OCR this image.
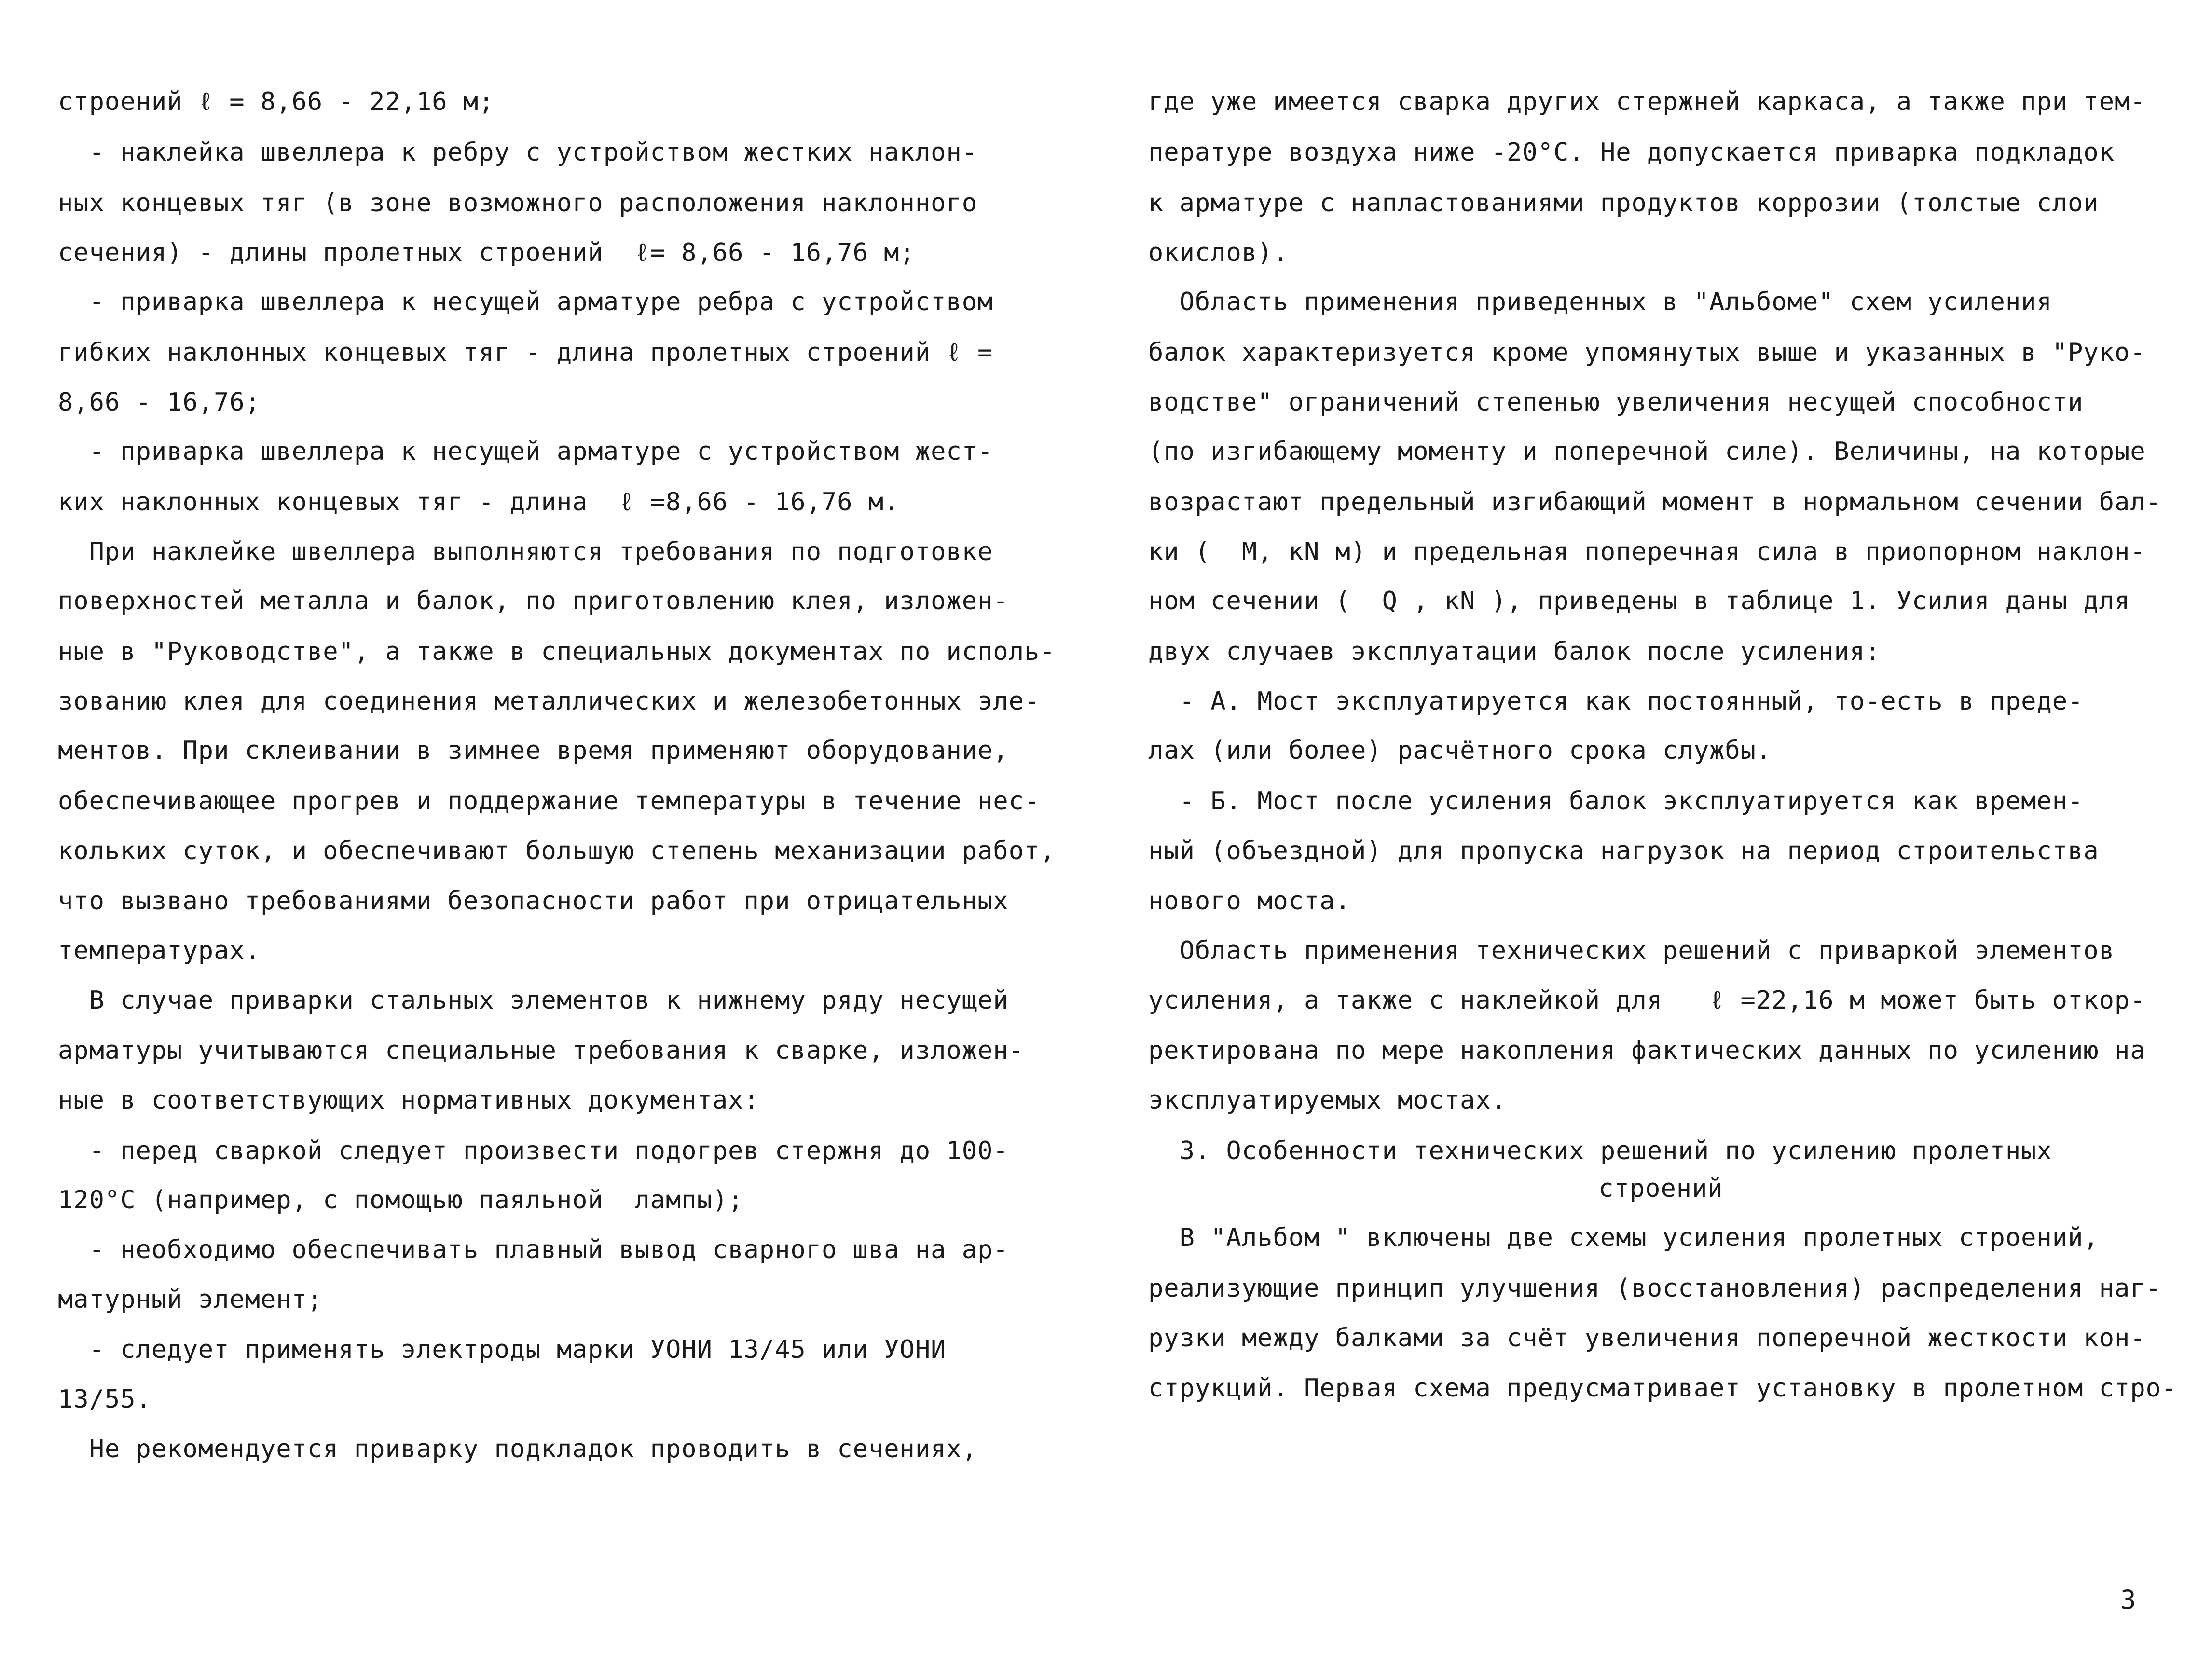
строений ℓ = 8,66 - 22,16 м;
- наклейка швеллера к ребру с устройством жестких наклон-
ных концевых тяг (в зоне возможного расположения наклонного
сечения) - длины пролетных строений  ℓ= 8,66 - 16,76 м;
- приварка швеллера к несущей арматуре ребра с устройством
гибких наклонных концевых тяг - длина пролетных строений ℓ =
8,66 - 16,76;
- приварка швеллера к несущей арматуре с устройством жест-
ких наклонных концевых тяг - длина  ℓ =8,66 - 16,76 м.
При наклейке швеллера выполняются требования по подготовке
поверхностей металла и балок, по приготовлению клея, изложен-
ные в "Руководстве", а также в специальных документах по исполь-
зованию клея для соединения металлических и железобетонных эле-
ментов. При склеивании в зимнее время применяют оборудование,
обеспечивающее прогрев и поддержание температуры в течение нес-
кольких суток, и обеспечивают большую степень механизации работ,
что вызвано требованиями безопасности работ при отрицательных
температурах.
В случае приварки стальных элементов к нижнему ряду несущей
арматуры учитываются специальные требования к сварке, изложен-
ные в соответствующих нормативных документах:
- перед сваркой следует произвести подогрев стержня до 100-
120°С (например, с помощью паяльной  лампы);
- необходимо обеспечивать плавный вывод сварного шва на ар-
матурный элемент;
- следует применять электроды марки УОНИ 13/45 или УОНИ
13/55.
Не рекомендуется приварку подкладок проводить в сечениях,
где уже имеется сварка других стержней каркаса, а также при тем-
пературе воздуха ниже -20°С. Не допускается приварка подкладок
к арматуре с напластованиями продуктов коррозии (толстые слои
окислов).
Область применения приведенных в "Альбоме" схем усиления
балок характеризуется кроме упомянутых выше и указанных в "Руко-
водстве" ограничений степенью увеличения несущей способности
(по изгибающему моменту и поперечной силе). Величины, на которые
возрастают предельный изгибающий момент в нормальном сечении бал-
ки (  M, кN м) и предельная поперечная сила в приопорном наклон-
ном сечении (  Q , кN ), приведены в таблице 1. Усилия даны для
двух случаев эксплуатации балок после усиления:
- А. Мост эксплуатируется как постоянный, то-есть в преде-
лах (или более) расчётного срока службы.
- Б. Мост после усиления балок эксплуатируется как времен-
ный (объездной) для пропуска нагрузок на период строительства
нового моста.
Область применения технических решений с приваркой элементов
усиления, а также с наклейкой для   ℓ =22,16 м может быть откор-
ректирована по мере накопления фактических данных по усилению на
эксплуатируемых мостах.
3. Особенности технических решений по усилению пролетных
строений
В "Альбом " включены две схемы усиления пролетных строений,
реализующие принцип улучшения (восстановления) распределения наг-
рузки между балками за счёт увеличения поперечной жесткости кон-
струкций. Первая схема предусматривает установку в пролетном стро-
3
